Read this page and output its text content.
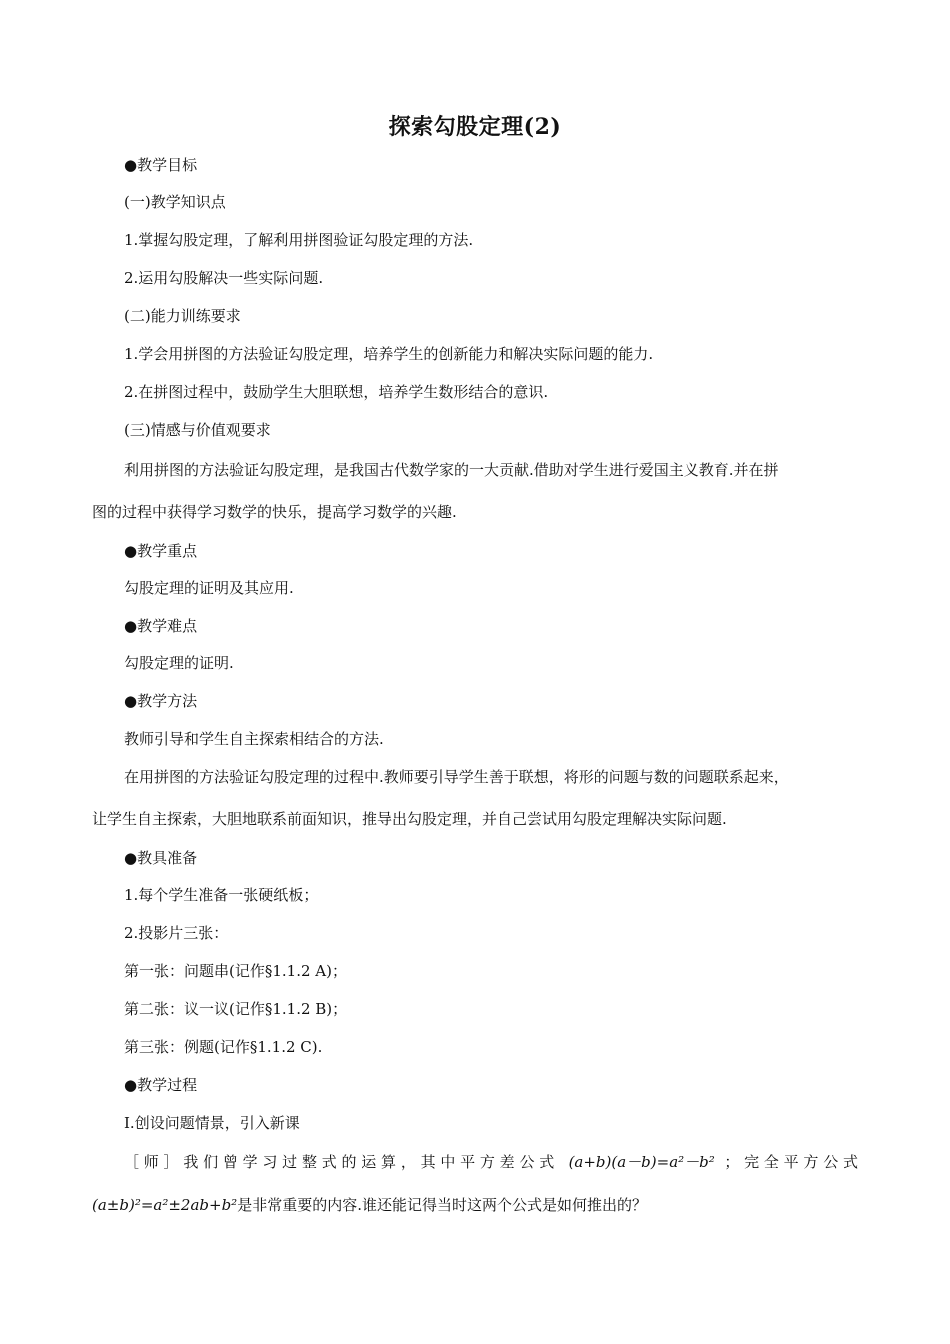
探索勾股定理(2)
●教学目标
(一)教学知识点
1.掌握勾股定理，了解利用拼图验证勾股定理的方法.
2.运用勾股解决一些实际问题.
(二)能力训练要求
1.学会用拼图的方法验证勾股定理，培养学生的创新能力和解决实际问题的能力.
2.在拼图过程中，鼓励学生大胆联想，培养学生数形结合的意识.
(三)情感与价值观要求
利用拼图的方法验证勾股定理，是我国古代数学家的一大贡献.借助对学生进行爱国主义教育.并在拼
图的过程中获得学习数学的快乐，提高学习数学的兴趣.
●教学重点
勾股定理的证明及其应用.
●教学难点
勾股定理的证明.
●教学方法
教师引导和学生自主探索相结合的方法.
在用拼图的方法验证勾股定理的过程中.教师要引导学生善于联想，将形的问题与数的问题联系起来，
让学生自主探索，大胆地联系前面知识，推导出勾股定理，并自己尝试用勾股定理解决实际问题.
●教具准备
1.每个学生准备一张硬纸板；
2.投影片三张：
第一张：问题串(记作§1.1.2 A)；
第二张：议一议(记作§1.1.2 B)；
第三张：例题(记作§1.1.2 C).
●教学过程
Ⅰ.创设问题情景，引入新课
［师］我们曾学习过整式的运算，其中平方差公式 (a+b)(a－b)=a²－b² ；完全平方公式
(a±b)²=a²±2ab+b²是非常重要的内容.谁还能记得当时这两个公式是如何推出的？
